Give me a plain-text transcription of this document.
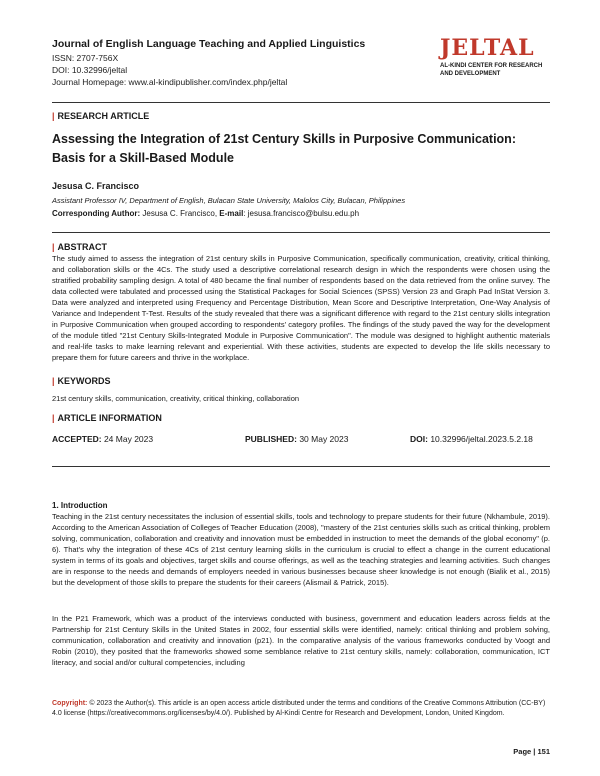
Journal of English Language Teaching and Applied Linguistics
ISSN: 2707-756X
DOI: 10.32996/jeltal
Journal Homepage: www.al-kindipublisher.com/index.php/jeltal
JELTAL
AL-KINDI CENTER FOR RESEARCH
AND DEVELOPMENT
| RESEARCH ARTICLE
Assessing the Integration of 21st Century Skills in Purposive Communication: Basis for a Skill-Based Module
Jesusa C. Francisco
Assistant Professor IV, Department of English, Bulacan State University, Malolos City, Bulacan, Philippines
Corresponding Author: Jesusa C. Francisco, E-mail: jesusa.francisco@bulsu.edu.ph
| ABSTRACT
The study aimed to assess the integration of 21st century skills in Purposive Communication, specifically communication, creativity, critical thinking, and collaboration skills or the 4Cs. The study used a descriptive correlational research design in which the respondents were chosen using the stratified probability sampling design. A total of 480 became the final number of respondents based on the data retrieved from the online survey. The data collected were tabulated and processed using the Statistical Packages for Social Sciences (SPSS) Version 23 and Graph Pad InStat Version 3. Data were analyzed and interpreted using Frequency and Percentage Distribution, Mean Score and Descriptive Interpretation, One-Way Analysis of Variance and Independent T-Test. Results of the study revealed that there was a significant difference with regard to the 21st century skills integration in Purposive Communication when grouped according to respondents' category profiles. The findings of the study paved the way for the development of the module titled "21st Century Skills-Integrated Module in Purposive Communication". The module was designed to highlight authentic materials and real-life tasks to make learning relevant and experiential. With these activities, students are expected to develop the life skills necessary to prepare them for future careers and thrive in the workplace.
| KEYWORDS
21st century skills, communication, creativity, critical thinking, collaboration
| ARTICLE INFORMATION
ACCEPTED: 24 May 2023	PUBLISHED: 30 May 2023	DOI: 10.32996/jeltal.2023.5.2.18
1. Introduction
Teaching in the 21st century necessitates the inclusion of essential skills, tools and technology to prepare students for their future (Nkhambule, 2019). According to the American Association of Colleges of Teacher Education (2008), "mastery of the 21st centuries skills such as critical thinking, problem solving, communication, collaboration and creativity and innovation must be embedded in instruction to meet the demands of the global economy" (p. 6). That's why the integration of these 4Cs of 21st century learning skills in the curriculum is crucial to effect a change in the current educational system in terms of its goals and objectives, target skills and course offerings, as well as the teaching strategies and learning activities. Such changes are in response to the needs and demands of employers needed in various businesses because sheer knowledge is not enough (Bialik et al., 2015) but the development of those skills to prepare the students for their careers (Alismail & Patrick, 2015).
In the P21 Framework, which was a product of the interviews conducted with business, government and education leaders across fields at the Partnership for 21st Century Skills in the United States in 2002, four essential skills were identified, namely: critical thinking and problem solving, communication, collaboration and creativity and innovation (p21). In the comparative analysis of the various frameworks conducted by Voogt and Robin (2010), they posited that the frameworks showed some semblance relative to 21st century skills, namely: collaboration, communication, ICT literacy, and social and/or cultural competencies, including
Copyright: © 2023 the Author(s). This article is an open access article distributed under the terms and conditions of the Creative Commons Attribution (CC-BY) 4.0 license (https://creativecommons.org/licenses/by/4.0/). Published by Al-Kindi Centre for Research and Development, London, United Kingdom.
Page | 151
